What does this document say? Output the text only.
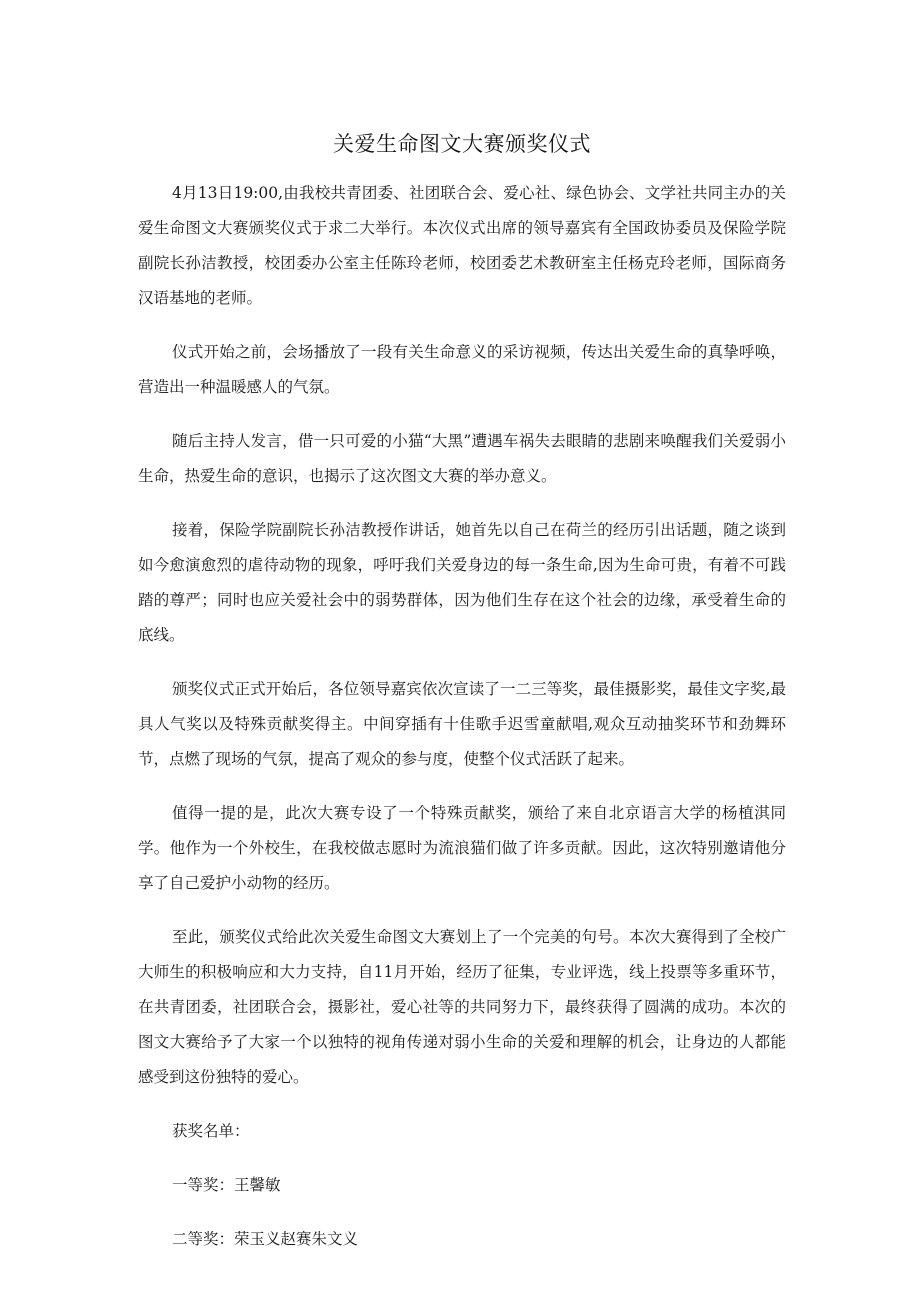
关爱生命图文大赛颁奖仪式

4月13日19:00,由我校共青团委、社团联合会、爱心社、绿色协会、文学社共同主办的关爱生命图文大赛颁奖仪式于求二大举行。本次仪式出席的领导嘉宾有全国政协委员及保险学院副院长孙洁教授，校团委办公室主任陈玲老师，校团委艺术教研室主任杨克玲老师，国际商务汉语基地的老师。

仪式开始之前，会场播放了一段有关生命意义的采访视频，传达出关爱生命的真挚呼唤，营造出一种温暖感人的气氛。

随后主持人发言，借一只可爱的小猫“大黑”遭遇车祸失去眼睛的悲剧来唤醒我们关爱弱小生命，热爱生命的意识，也揭示了这次图文大赛的举办意义。

接着，保险学院副院长孙洁教授作讲话，她首先以自己在荷兰的经历引出话题，随之谈到如今愈演愈烈的虐待动物的现象，呼吁我们关爱身边的每一条生命,因为生命可贵，有着不可践踏的尊严；同时也应关爱社会中的弱势群体，因为他们生存在这个社会的边缘，承受着生命的底线。

颁奖仪式正式开始后，各位领导嘉宾依次宣读了一二三等奖，最佳摄影奖，最佳文字奖,最具人气奖以及特殊贡献奖得主。中间穿插有十佳歌手迟雪童献唱,观众互动抽奖环节和劲舞环节，点燃了现场的气氛，提高了观众的参与度，使整个仪式活跃了起来。

值得一提的是，此次大赛专设了一个特殊贡献奖，颁给了来自北京语言大学的杨植淇同学。他作为一个外校生，在我校做志愿时为流浪猫们做了许多贡献。因此，这次特别邀请他分享了自己爱护小动物的经历。

至此，颁奖仪式给此次关爱生命图文大赛划上了一个完美的句号。本次大赛得到了全校广大师生的积极响应和大力支持，自11月开始，经历了征集，专业评选，线上投票等多重环节，在共青团委，社团联合会，摄影社，爱心社等的共同努力下，最终获得了圆满的成功。本次的图文大赛给予了大家一个以独特的视角传递对弱小生命的关爱和理解的机会，让身边的人都能感受到这份独特的爱心。

获奖名单：

一等奖：王馨敏

二等奖：荣玉义赵赛朱文义
